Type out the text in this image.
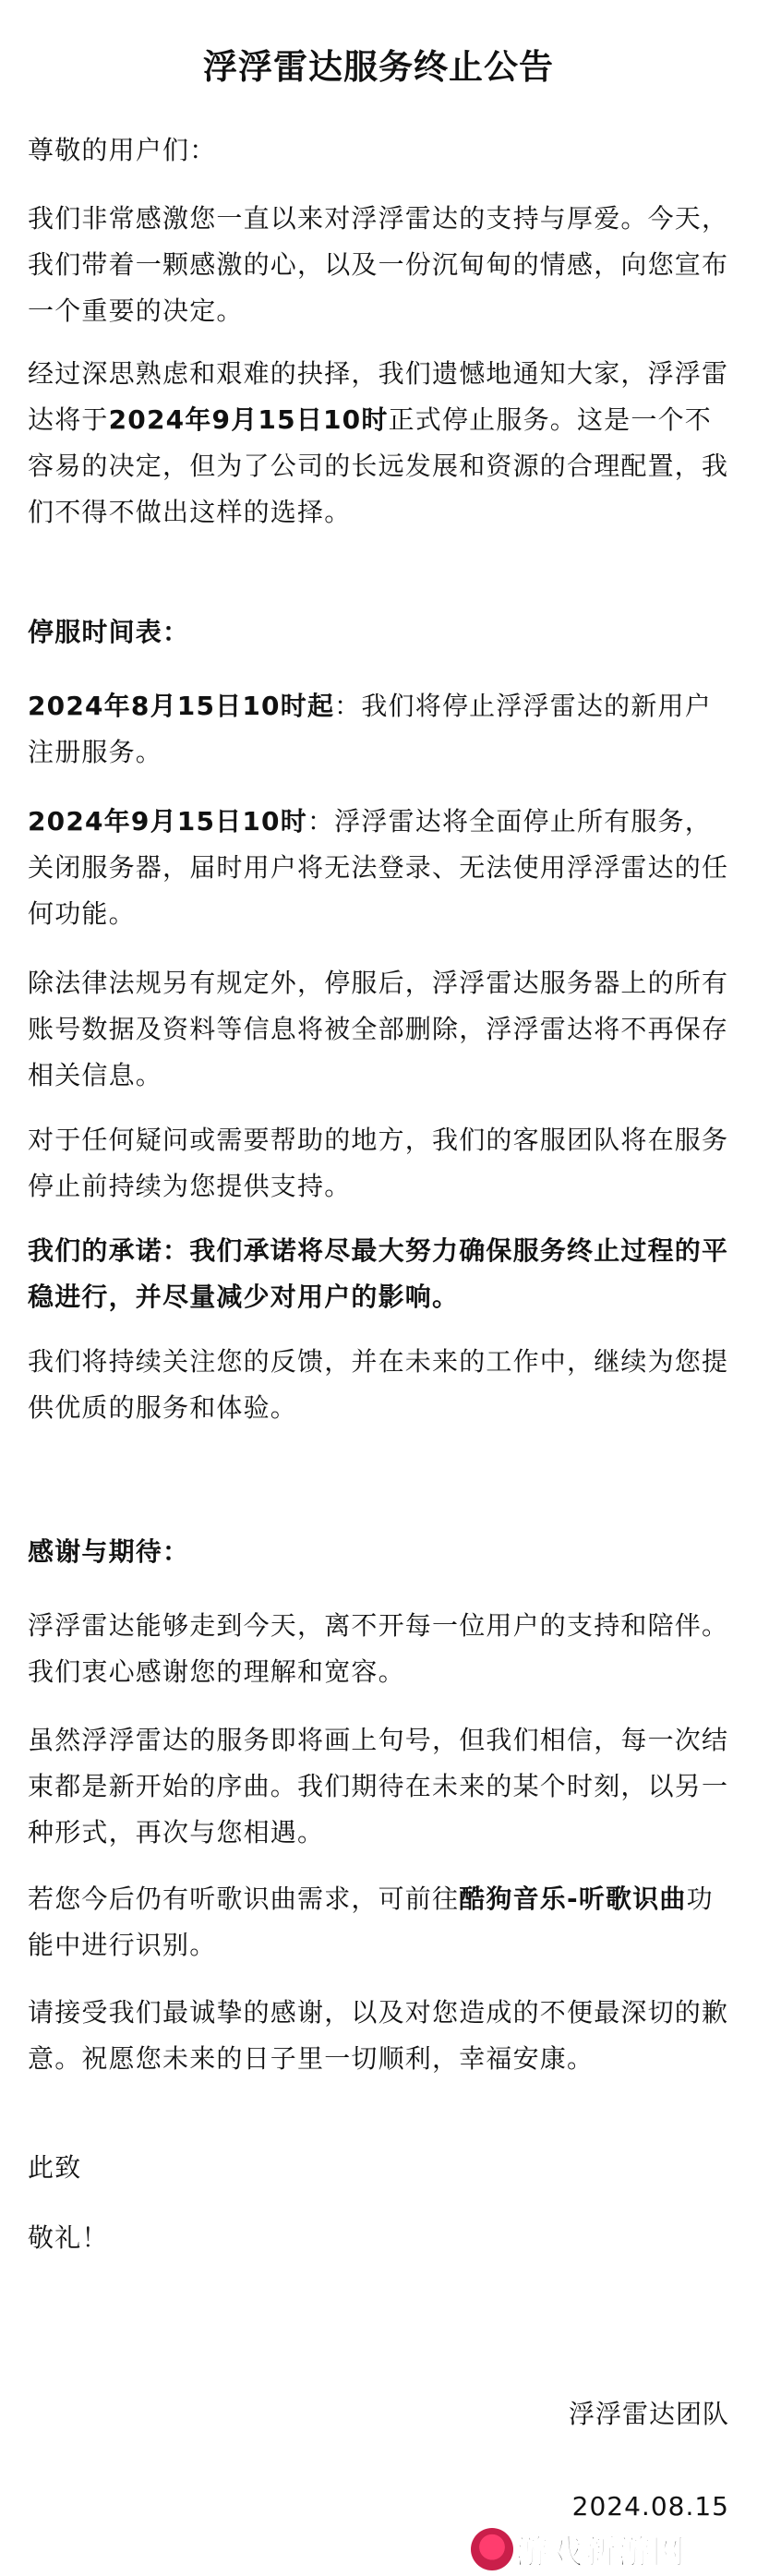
浮浮雷达服务终止公告

尊敬的用户们：

我们非常感激您一直以来对浮浮雷达的支持与厚爱。今天，我们带着一颗感激的心，以及一份沉甸甸的情感，向您宣布一个重要的决定。

经过深思熟虑和艰难的抉择，我们遗憾地通知大家，浮浮雷达将于2024年9月15日10时正式停止服务。这是一个不容易的决定，但为了公司的长远发展和资源的合理配置，我们不得不做出这样的选择。

停服时间表：

2024年8月15日10时起：我们将停止浮浮雷达的新用户注册服务。

2024年9月15日10时：浮浮雷达将全面停止所有服务，关闭服务器，届时用户将无法登录、无法使用浮浮雷达的任何功能。

除法律法规另有规定外，停服后，浮浮雷达服务器上的所有账号数据及资料等信息将被全部删除，浮浮雷达将不再保存相关信息。

对于任何疑问或需要帮助的地方，我们的客服团队将在服务停止前持续为您提供支持。

我们的承诺：我们承诺将尽最大努力确保服务终止过程的平稳进行，并尽量减少对用户的影响。

我们将持续关注您的反馈，并在未来的工作中，继续为您提供优质的服务和体验。

感谢与期待：

浮浮雷达能够走到今天，离不开每一位用户的支持和陪伴。我们衷心感谢您的理解和宽容。

虽然浮浮雷达的服务即将画上句号，但我们相信，每一次结束都是新开始的序曲。我们期待在未来的某个时刻，以另一种形式，再次与您相遇。

若您今后仍有听歌识曲需求，可前往酷狗音乐-听歌识曲功能中进行识别。

请接受我们最诚挚的感谢，以及对您造成的不便最深切的歉意。祝愿您未来的日子里一切顺利，幸福安康。

此致

敬礼！

浮浮雷达团队

2024.08.15

游戏新游网
